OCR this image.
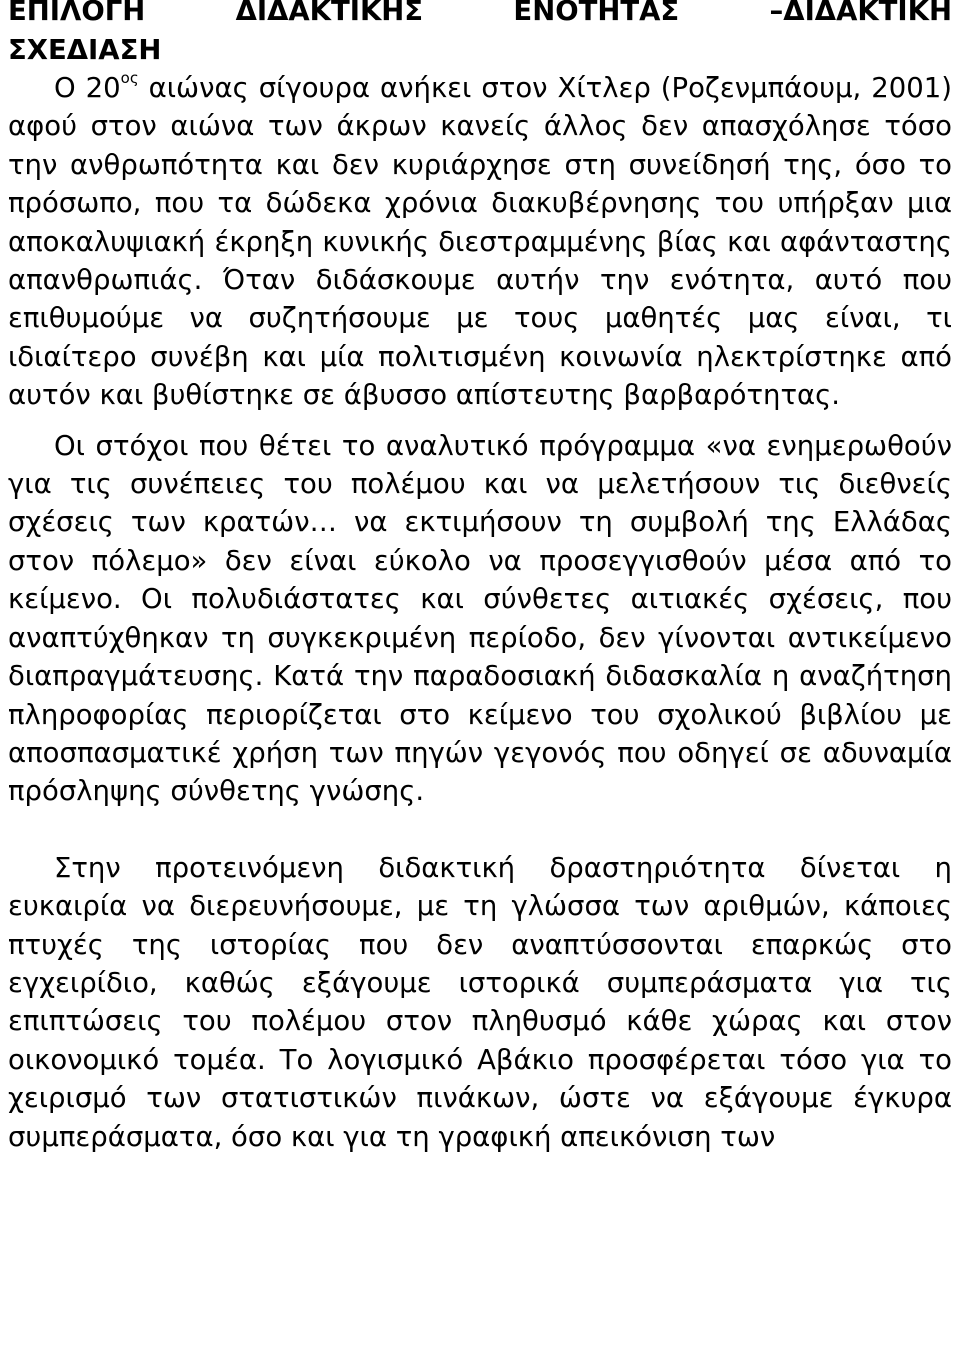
ΕΠΙΛΟΓΗ ΔΙΔΑΚΤΙΚΗΣ ΕΝΟΤΗΤΑΣ –ΔΙΔΑΚΤΙΚΗ
ΣΧΕΔΙΑΣΗ

Ο $20^{o\varsigma}$ αιώνας σίγουρα ανήκει στον Χίτλερ (Ροζενμπάουμ, 2001) αφού στον αιώνα των άκρων κανείς άλλος δεν απασχόλησε τόσο την ανθρωπότητα και δεν κυριάρχησε στη συνείδησή της, όσο το πρόσωπο, που τα δώδεκα χρόνια διακυβέρνησης του υπήρξαν μια αποκαλυψιακή έκρηξη κυνικής διεστραμμένης βίας και αφάνταστης απανθρωπιάς. Όταν διδάσκουμε αυτήν την ενότητα, αυτό που επιθυμούμε να συζητήσουμε με τους μαθητές μας είναι, τι ιδιαίτερο συνέβη και μία πολιτισμένη κοινωνία ηλεκτρίστηκε από αυτόν και βυθίστηκε σε άβυσσο απίστευτης βαρβαρότητας.

Οι στόχοι που θέτει το αναλυτικό πρόγραμμα «να ενημερωθούν για τις συνέπειες του πολέμου και να μελετήσουν τις διεθνείς σχέσεις των κρατών… να εκτιμήσουν τη συμβολή της Ελλάδας στον πόλεμο» δεν είναι εύκολο να προσεγγισθούν μέσα από το κείμενο. Οι πολυδιάστατες και σύνθετες αιτιακές σχέσεις, που αναπτύχθηκαν τη συγκεκριμένη περίοδο, δεν γίνονται αντικείμενο διαπραγμάτευσης. Κατά την παραδοσιακή διδασκαλία η αναζήτηση πληροφορίας περιορίζεται στο κείμενο του σχολικού βιβλίου με αποσπασματικέ χρήση των πηγών γεγονός που οδηγεί σε αδυναμία πρόσληψης σύνθετης γνώσης.

Στην προτεινόμενη διδακτική δραστηριότητα δίνεται η ευκαιρία να διερευνήσουμε, με τη γλώσσα των αριθμών, κάποιες πτυχές της ιστορίας που δεν αναπτύσσονται επαρκώς στο εγχειρίδιο, καθώς εξάγουμε ιστορικά συμπεράσματα για τις επιπτώσεις του πολέμου στον πληθυσμό κάθε χώρας και στον οικονομικό τομέα. Το λογισμικό Αβάκιο προσφέρεται τόσο για το χειρισμό των στατιστικών πινάκων, ώστε να εξάγουμε έγκυρα συμπεράσματα, όσο και για τη γραφική απεικόνιση των
